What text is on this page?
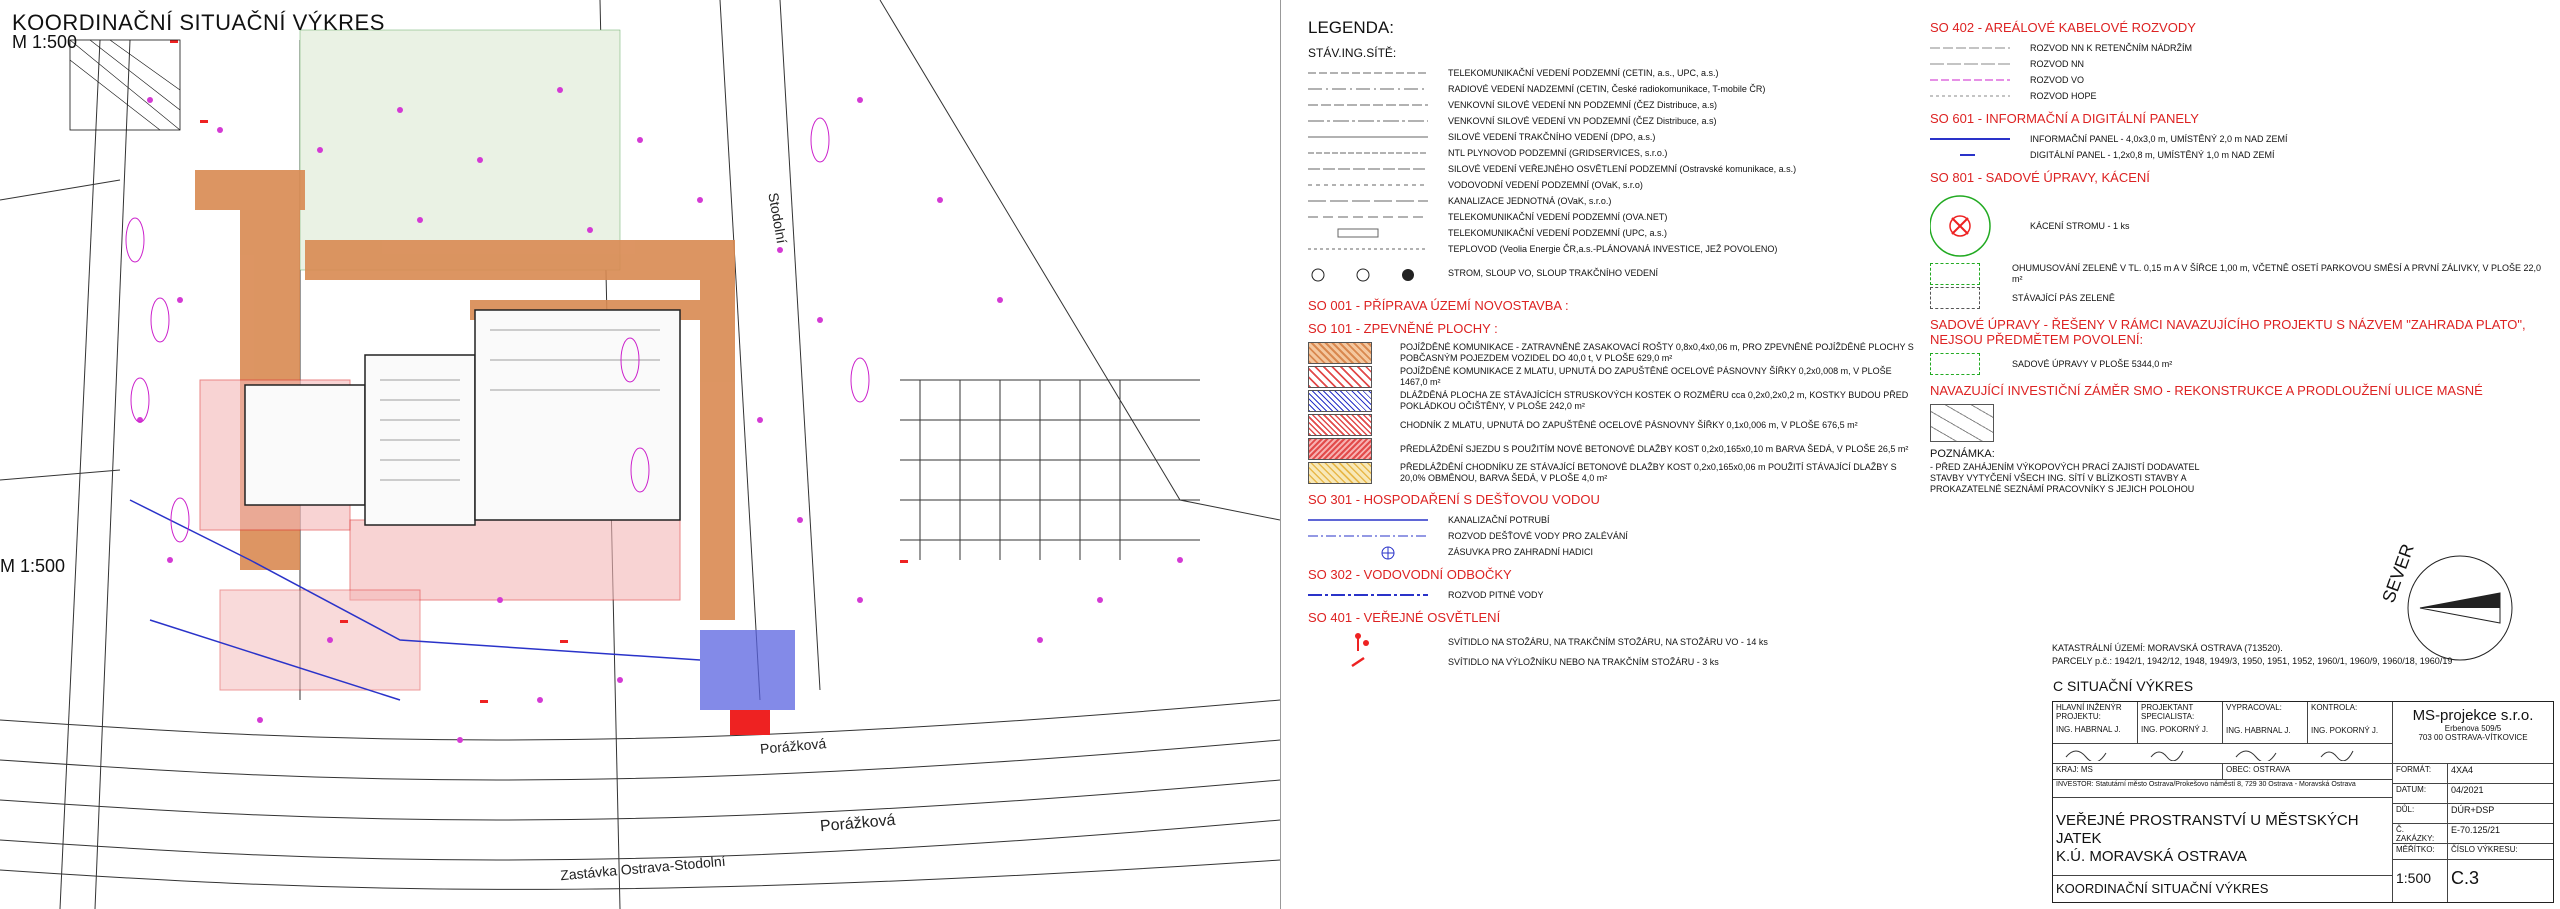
KOORDINAČNÍ SITUAČNÍ VÝKRES
M 1:500
M 1:500
Porážková
Porážková
Zastávka Ostrava-Stodolní
Stodolní
LEGENDA:
STÁV.ING.SÍTĚ:
TELEKOMUNIKAČNÍ VEDENÍ PODZEMNÍ (CETIN, a.s., UPC, a.s.)
RADIOVÉ VEDENÍ NADZEMNÍ (CETIN, České radiokomunikace, T-mobile ČR)
VENKOVNÍ SILOVÉ VEDENÍ NN PODZEMNÍ (ČEZ Distribuce, a.s)
VENKOVNÍ SILOVÉ VEDENÍ VN PODZEMNÍ (ČEZ Distribuce, a.s)
SILOVÉ VEDENÍ TRAKČNÍHO VEDENÍ (DPO, a.s.)
NTL PLYNOVOD PODZEMNÍ (GRIDSERVICES, s.r.o.)
SILOVÉ VEDENÍ VEŘEJNÉHO OSVĚTLENÍ PODZEMNÍ (Ostravské komunikace, a.s.)
VODOVODNÍ VEDENÍ PODZEMNÍ (OVaK, s.r.o)
KANALIZACE JEDNOTNÁ (OVaK, s.r.o.)
TELEKOMUNIKAČNÍ VEDENÍ PODZEMNÍ (OVA.NET)
TELEKOMUNIKAČNÍ VEDENÍ PODZEMNÍ (UPC, a.s.)
TEPLOVOD (Veolia Energie ČR,a.s.-PLÁNOVANÁ INVESTICE, JEŽ POVOLENO)
STROM, SLOUP VO, SLOUP TRAKČNÍHO VEDENÍ
SO 001 - PŘÍPRAVA ÚZEMÍ NOVOSTAVBA :
SO 101 - ZPEVNĚNÉ PLOCHY :
POJÍŽDĚNÉ KOMUNIKACE - ZATRAVNĚNÉ ZASAKOVACÍ ROŠTY 0,8x0,4x0,06 m, PRO ZPEVNĚNÉ POJÍŽDĚNÉ PLOCHY S POBČASNÝM POJEZDEM VOZIDEL DO 40,0 t, V PLOŠE 629,0 m²
POJÍŽDĚNÉ KOMUNIKACE Z MLATU, UPNUTÁ DO ZAPUŠTĚNÉ OCELOVÉ PÁSNOVNY ŠÍŘKY 0,2x0,008 m, V PLOŠE 1467,0 m²
DLÁŽDĚNÁ PLOCHA ZE STÁVAJÍCÍCH STRUSKOVÝCH KOSTEK O ROZMĚRU cca 0,2x0,2x0,2 m, KOSTKY BUDOU PŘED POKLÁDKOU OČIŠTĚNY, V PLOŠE 242,0 m²
CHODNÍK Z MLATU, UPNUTÁ DO ZAPUŠTĚNÉ OCELOVÉ PÁSNOVNY ŠÍŘKY 0,1x0,006 m, V PLOŠE 676,5 m²
PŘEDLÁŽDĚNÍ SJEZDU S POUŽITÍM NOVÉ BETONOVÉ DLAŽBY KOST 0,2x0,165x0,10 m BARVA ŠEDÁ, V PLOŠE 26,5 m²
PŘEDLÁŽDĚNÍ CHODNÍKU ZE STÁVAJÍCÍ BETONOVÉ DLAŽBY KOST 0,2x0,165x0,06 m POUŽITÍ STÁVAJÍCÍ DLAŽBY S 20,0% OBMĚNOU, BARVA ŠEDÁ, V PLOŠE 4,0 m²
SO 301 - HOSPODAŘENÍ S DEŠŤOVOU VODOU
KANALIZAČNÍ POTRUBÍ
ROZVOD DEŠŤOVÉ VODY PRO ZALÉVÁNÍ
ZÁSUVKA PRO ZAHRADNÍ HADICI
SO 302 - VODOVODNÍ ODBOČKY
ROZVOD PITNÉ VODY
SO 401 - VEŘEJNÉ OSVĚTLENÍ
SVÍTIDLO NA STOŽÁRU, NA TRAKČNÍM STOŽÁRU, NA STOŽÁRU VO - 14 ks
SVÍTIDLO NA VÝLOŽNÍKU NEBO NA TRAKČNÍM STOŽÁRU - 3 ks
SO 402 - AREÁLOVÉ KABELOVÉ ROZVODY
ROZVOD NN K RETENČNÍM NÁDRŽÍM
ROZVOD NN
ROZVOD VO
ROZVOD HOPE
SO 601 - INFORMAČNÍ A DIGITÁLNÍ PANELY
INFORMAČNÍ PANEL - 4,0x3,0 m, UMÍSTĚNÝ 2,0 m NAD ZEMÍ
DIGITÁLNÍ PANEL - 1,2x0,8 m, UMÍSTĚNÝ 1,0 m NAD ZEMÍ
SO 801 - SADOVÉ ÚPRAVY, KÁCENÍ
KÁCENÍ STROMU - 1 ks
OHUMUSOVÁNÍ ZELENĚ V TL. 0,15 m A V ŠÍŘCE 1,00 m, VČETNĚ OSETÍ PARKOVOU SMĚSÍ A PRVNÍ ZÁLIVKY, V PLOŠE 22,0 m²
STÁVAJÍCÍ PÁS ZELENĚ
SADOVÉ ÚPRAVY - ŘEŠENY V RÁMCI NAVAZUJÍCÍHO PROJEKTU S NÁZVEM "ZAHRADA PLATO", NEJSOU PŘEDMĚTEM POVOLENÍ:
SADOVÉ ÚPRAVY V PLOŠE 5344,0 m²
NAVAZUJÍCÍ INVESTIČNÍ ZÁMĚR SMO - REKONSTRUKCE A PRODLOUŽENÍ ULICE MASNÉ
POZNÁMKA:
- PŘED ZAHÁJENÍM VÝKOPOVÝCH PRACÍ ZAJISTÍ DODAVATEL STAVBY VYTYČENÍ VŠECH ING. SÍTÍ V BLÍZKOSTI STAVBY A PROKAZATELNÉ SEZNÁMÍ PRACOVNÍKY S JEJICH POLOHOU
SEVER
KATASTRÁLNÍ ÚZEMÍ: MORAVSKÁ OSTRAVA (713520).
PARCELY p.č.: 1942/1, 1942/12, 1948, 1949/3, 1950, 1951, 1952, 1960/1, 1960/9, 1960/18, 1960/19
C SITUAČNÍ VÝKRES
HLAVNÍ INŽENÝR PROJEKTU:
ING. HABRNAL J.
PROJEKTANT SPECIALISTA:
ING. POKORNÝ J.
VYPRACOVAL:
ING. HABRNAL J.
KONTROLA:
ING. POKORNÝ J.
MS-projekce s.r.o.
Erbenova 509/5
703 00 OSTRAVA-VÍTKOVICE
KRAJ: MS	OBEC: OSTRAVA
INVESTOR: Statutární město Ostrava/Prokešovo náměstí 8, 729 30 Ostrava - Moravská Ostrava
VEŘEJNÉ PROSTRANSTVÍ U MĚSTSKÝCH JATEK
K.Ú. MORAVSKÁ OSTRAVA
KOORDINAČNÍ SITUAČNÍ VÝKRES
FORMÁT:	4XA4
DATUM:	04/2021
DŮL:	DÚR+DSP
Č. ZAKÁZKY:
E-70.125/21
MĚŘÍTKO:	ČÍSLO VÝKRESU:
1:500	C.3
